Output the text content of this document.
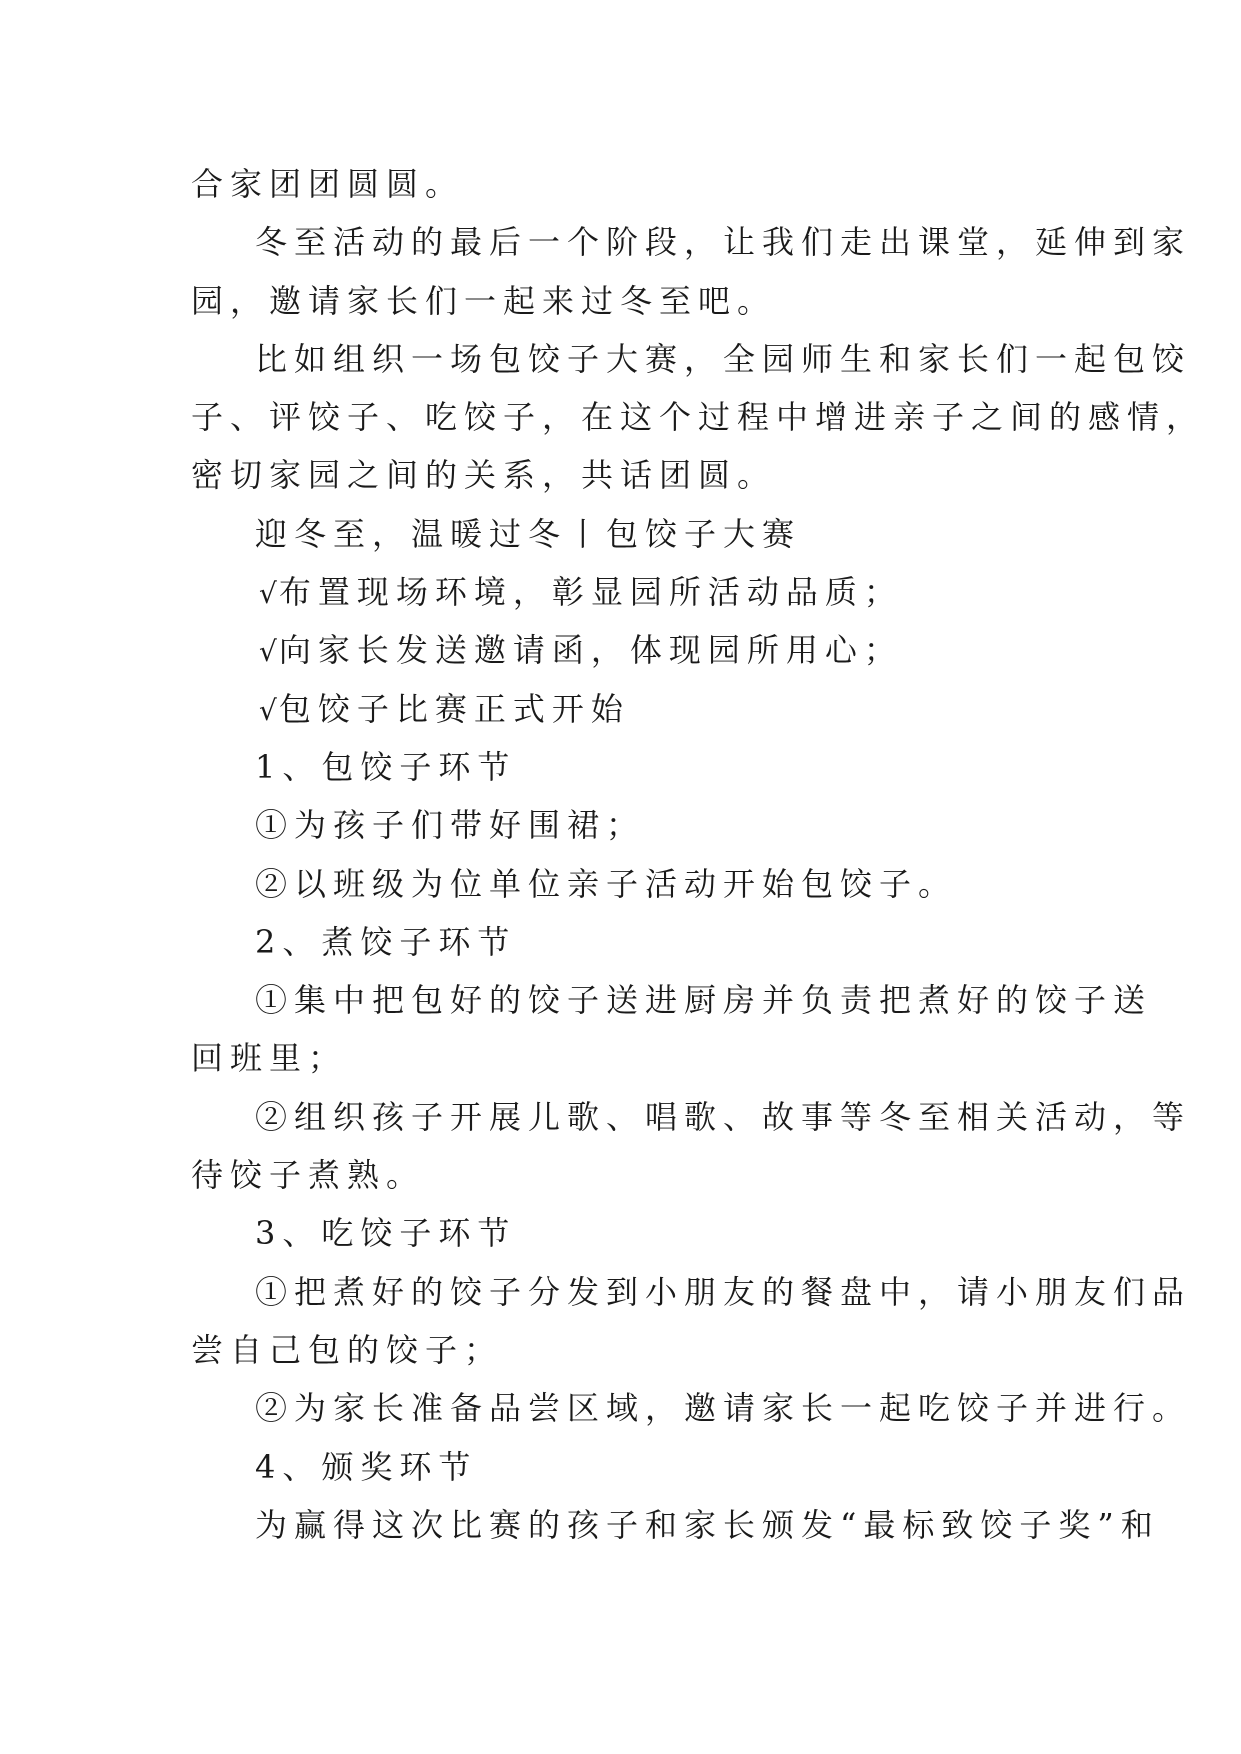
合家团团圆圆。
冬至活动的最后一个阶段，让我们走出课堂，延伸到家
园，邀请家长们一起来过冬至吧。
比如组织一场包饺子大赛，全园师生和家长们一起包饺
子、评饺子、吃饺子，在这个过程中增进亲子之间的感情，
密切家园之间的关系，共话团圆。
迎冬至，温暖过冬丨包饺子大赛
√布置现场环境，彰显园所活动品质；
√向家长发送邀请函，体现园所用心；
√包饺子比赛正式开始
1、包饺子环节
①为孩子们带好围裙；
②以班级为位单位亲子活动开始包饺子。
2、煮饺子环节
①集中把包好的饺子送进厨房并负责把煮好的饺子送
回班里；
②组织孩子开展儿歌、唱歌、故事等冬至相关活动，等
待饺子煮熟。
3、吃饺子环节
①把煮好的饺子分发到小朋友的餐盘中，请小朋友们品
尝自己包的饺子；
②为家长准备品尝区域，邀请家长一起吃饺子并进行。
4、颁奖环节
为赢得这次比赛的孩子和家长颁发“最标致饺子奖”和
